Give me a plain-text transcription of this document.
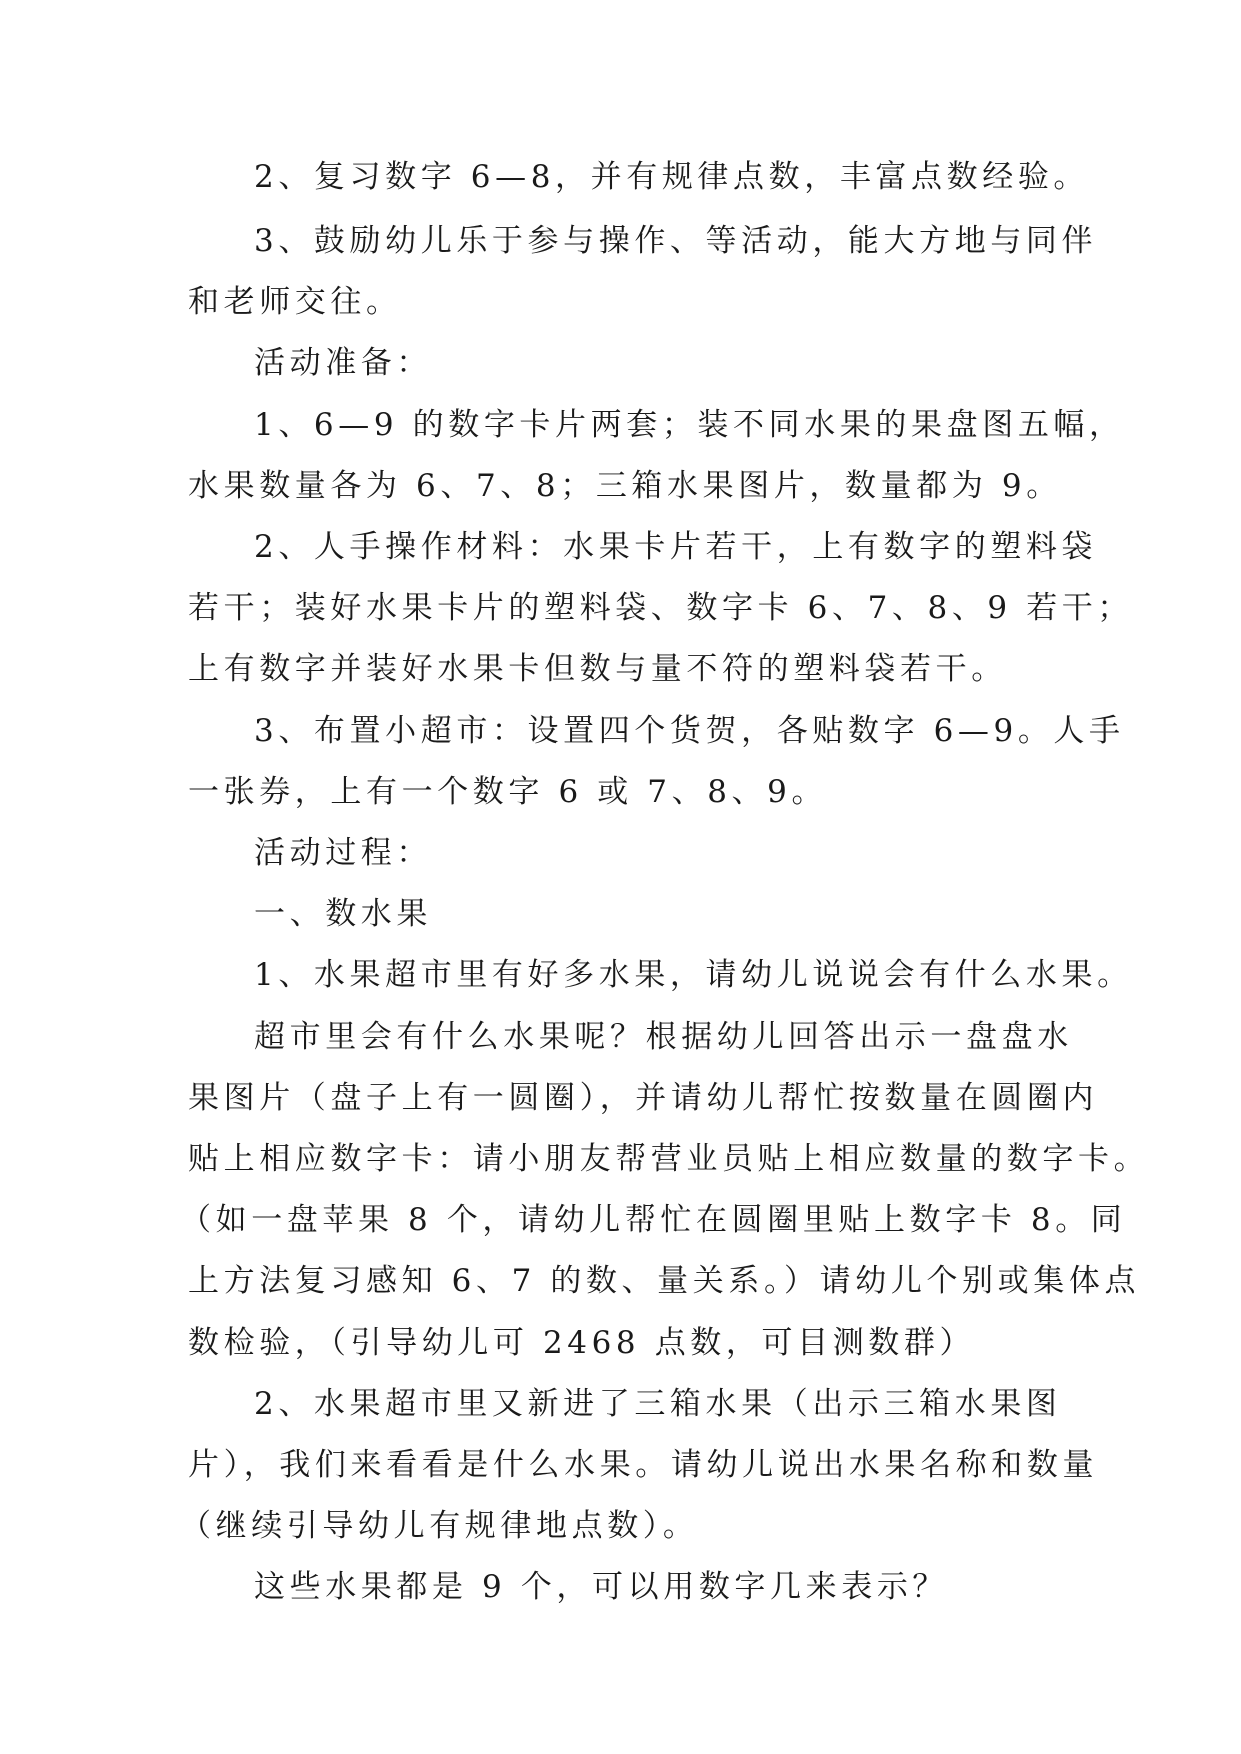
2、复习数字 6—8，并有规律点数，丰富点数经验。
3、鼓励幼儿乐于参与操作、等活动，能大方地与同伴
和老师交往。
活动准备：
1、6—9 的数字卡片两套；装不同水果的果盘图五幅，
水果数量各为 6、7、8；三箱水果图片，数量都为 9。
2、人手操作材料：水果卡片若干，上有数字的塑料袋
若干；装好水果卡片的塑料袋、数字卡 6、7、8、9 若干；
上有数字并装好水果卡但数与量不符的塑料袋若干。
3、布置小超市：设置四个货贺，各贴数字 6—9。人手
一张券，上有一个数字 6 或 7、8、9。
活动过程：
一、数水果
1、水果超市里有好多水果，请幼儿说说会有什么水果。
超市里会有什么水果呢？根据幼儿回答出示一盘盘水
果图片（盘子上有一圆圈），并请幼儿帮忙按数量在圆圈内
贴上相应数字卡：请小朋友帮营业员贴上相应数量的数字卡。
（如一盘苹果 8 个，请幼儿帮忙在圆圈里贴上数字卡 8。同
上方法复习感知 6、7 的数、量关系。）请幼儿个别或集体点
数检验，（引导幼儿可 2468 点数，可目测数群）
2、水果超市里又新进了三箱水果（出示三箱水果图
片），我们来看看是什么水果。请幼儿说出水果名称和数量
（继续引导幼儿有规律地点数）。
这些水果都是 9 个，可以用数字几来表示？
